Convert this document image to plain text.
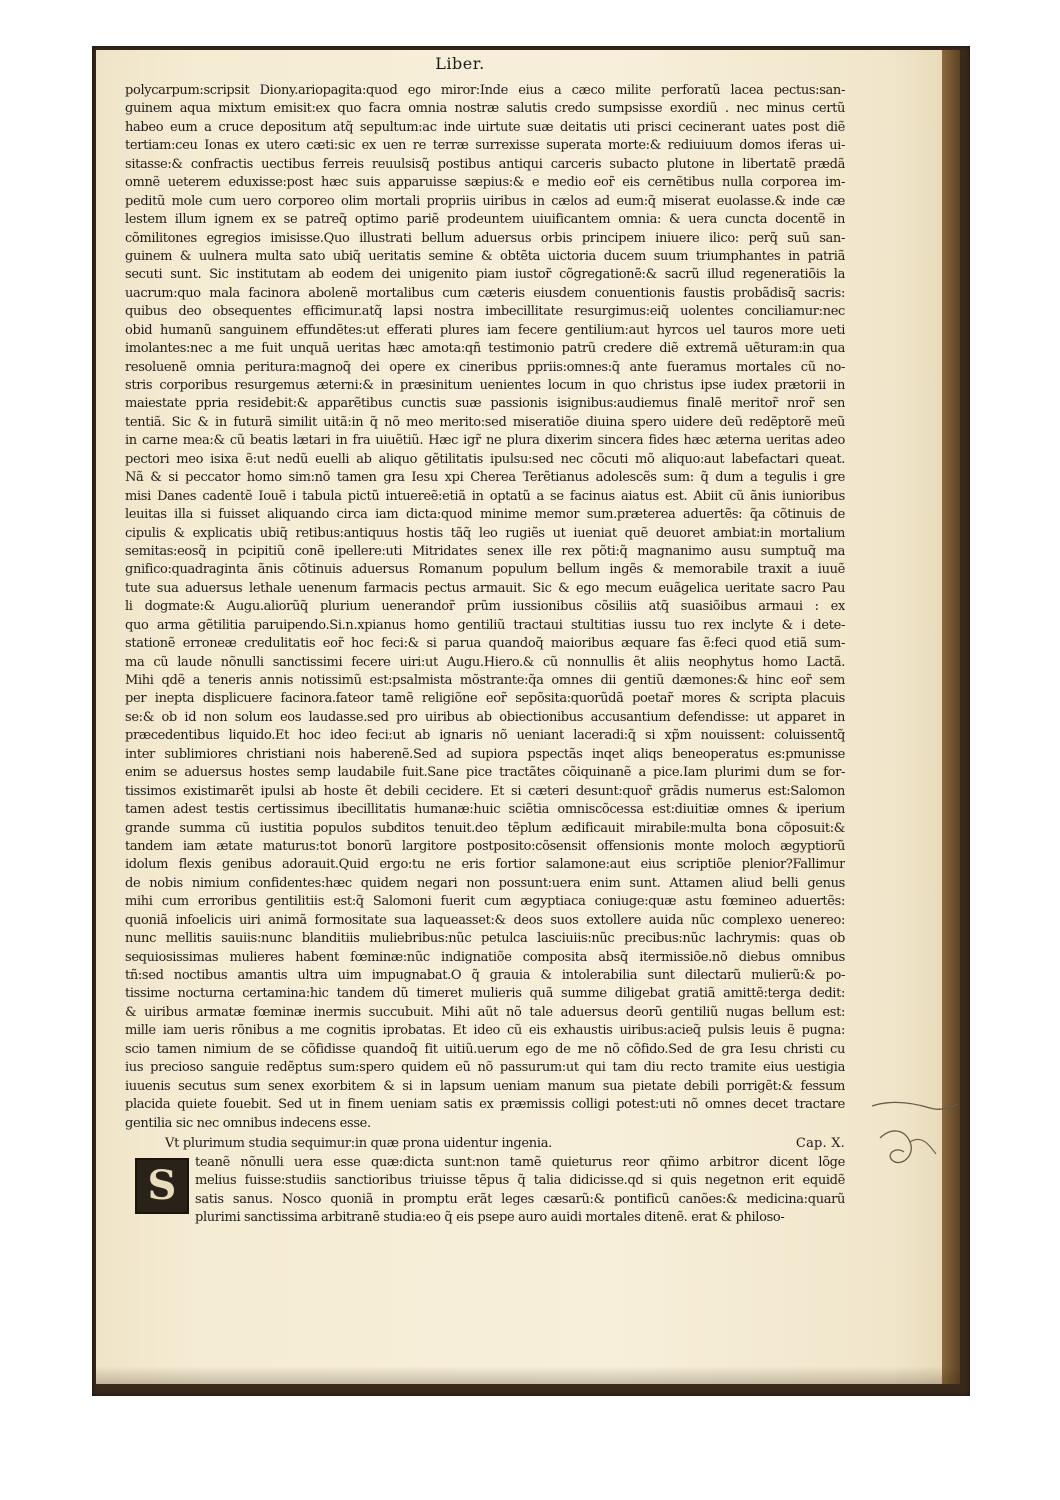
Liber.
polycarpum:scripsit Diony.ariopagita:quod ego miror:Inde eius a cæco milite perforatũ lacea pectus:san-
guinem aqua mixtum emisit:ex quo facra omnia nostræ salutis credo sumpsisse exordiũ . nec minus certũ
habeo eum a cruce depositum atq̃ sepultum:ac inde uirtute suæ deitatis uti prisci cecinerant uates post diẽ
tertiam:ceu Ionas ex utero cæti:sic ex uen re terræ surrexisse superata morte:& rediuiuum domos iferas ui-
sitasse:& confractis uectibus ferreis reuulsisq̃ postibus antiqui carceris subacto plutone in libertatẽ prædã
omnẽ ueterem eduxisse:post hæc suis apparuisse sæpius:& e medio eor̃ eis cernẽtibus nulla corporea im-
peditũ mole cum uero corporeo olim mortali propriis uiribus in cælos ad eum:q̃ miserat euolasse.& inde cæ
lestem illum ignem ex se patreq̃ optimo pariẽ prodeuntem uiuificantem omnia: & uera cuncta docentẽ in
cõmilitones egregios imisisse.Quo illustrati bellum aduersus orbis principem iniuere ilico: perq̃ suũ san-
guinem & uulnera multa sato ubiq̃ ueritatis semine & obtẽta uictoria ducem suum triumphantes in patriã
secuti sunt. Sic institutam ab eodem dei unigenito piam iustor̃ cõgregationẽ:& sacrũ illud regeneratiõis la
uacrum:quo mala facinora abolenẽ mortalibus cum cæteris eiusdem conuentionis faustis probãdisq̃ sacris:
quibus deo obsequentes efficimur.atq̃ lapsi nostra imbecillitate resurgimus:eiq̃ uolentes conciliamur:nec
obid humanũ sanguinem effundẽtes:ut efferati plures iam fecere gentilium:aut hyrcos uel tauros more ueti
imolantes:nec a me fuit unquã ueritas hæc amota:qñ testimonio patrũ credere diẽ extremã uẽturam:in qua
resoluenẽ omnia peritura:magnoq̃ dei opere ex cineribus ppriis:omnes:q̃ ante fueramus mortales cũ no-
stris corporibus resurgemus æterni:& in præsinitum uenientes locum in quo christus ipse iudex prætorii in
maiestate ppria residebit:& apparẽtibus cunctis suæ passionis isignibus:audiemus finalẽ meritor̃ nror̃ sen
tentiã. Sic & in futurã similit uitã:in q̃ nõ meo merito:sed miseratiõe diuina spero uidere deũ redẽptorẽ meũ
in carne mea:& cũ beatis lætari in fra uiuẽtiũ. Hæc igr̃ ne plura dixerim sincera fides hæc æterna ueritas adeo
pectori meo isixa ẽ:ut nedũ euelli ab aliquo gẽtilitatis ipulsu:sed nec cõcuti mõ aliquo:aut labefactari queat.
Nã & si peccator homo sim:nõ tamen gra Iesu xpi Cherea Terẽtianus adolescẽs sum: q̃ dum a tegulis i gre
misi Danes cadentẽ Iouẽ i tabula pictũ intuereẽ:etiã in optatũ a se facinus aiatus est. Abiit cũ ãnis iunioribus
leuitas illa si fuisset aliquando circa iam dicta:quod minime memor sum.præterea aduertẽs: q̃a cõtinuis de
cipulis & explicatis ubiq̃ retibus:antiquus hostis tãq̃ leo rugiẽs ut iueniat quẽ deuoret ambiat:in mortalium
semitas:eosq̃ in pcipitiũ conẽ ipellere:uti Mitridates senex ille rex põti:q̃ magnanimo ausu sumptuq̃ ma
gnifico:quadraginta ãnis cõtinuis aduersus Romanum populum bellum ingẽs & memorabile traxit a iuuẽ
tute sua aduersus lethale uenenum farmacis pectus armauit. Sic & ego mecum euãgelica ueritate sacro Pau
li dogmate:& Augu.aliorũq̃ plurium uenerandor̃ prũm iussionibus cõsiliis atq̃ suasiõibus armaui : ex
quo arma gẽtilitia paruipendo.Si.n.xpianus homo gentiliũ tractaui stultitias iussu tuo rex inclyte & i dete-
stationẽ erroneæ credulitatis eor̃ hoc feci:& si parua quandoq̃ maioribus æquare fas ẽ:feci quod etiã sum-
ma cũ laude nõnulli sanctissimi fecere uiri:ut Augu.Hiero.& cũ nonnullis ẽt aliis neophytus homo Lactã.
Mihi qdẽ a teneris annis notissimũ est:psalmista mõstrante:q̃a omnes dii gentiũ dæmones:& hinc eor̃ sem
per inepta displicuere facinora.fateor tamẽ religiõne eor̃ sepõsita:quorũdã poetar̃ mores & scripta placuis
se:& ob id non solum eos laudasse.sed pro uiribus ab obiectionibus accusantium defendisse: ut apparet in
præcedentibus liquido.Et hoc ideo feci:ut ab ignaris nõ ueniant laceradi:q̃ si xp̃m nouissent: coluissentq̃
inter sublimiores christiani nois haberenẽ.Sed ad supiora pspectãs inqet aliqs beneoperatus es:pmunisse
enim se aduersus hostes semp laudabile fuit.Sane pice tractãtes cõiquinanẽ a pice.Iam plurimi dum se for-
tissimos existimarẽt ipulsi ab hoste ẽt debili cecidere. Et si cæteri desunt:quor̃ grãdis numerus est:Salomon
tamen adest testis certissimus ibecillitatis humanæ:huic sciẽtia omniscõcessa est:diuitiæ omnes & iperium
grande summa cũ iustitia populos subditos tenuit.deo tẽplum ædificauit mirabile:multa bona cõposuit:&
tandem iam ætate maturus:tot bonorũ largitore postposito:cõsensit offensionis monte moloch ægyptiorũ
idolum flexis genibus adorauit.Quid ergo:tu ne eris fortior salamone:aut eius scriptiõe plenior?Fallimur
de nobis nimium confidentes:hæc quidem negari non possunt:uera enim sunt. Attamen aliud belli genus
mihi cum erroribus gentilitiis est:q̃ Salomoni fuerit cum ægyptiaca coniuge:quæ astu fœmineo aduertẽs:
quoniã infoelicis uiri animã formositate sua laqueasset:& deos suos extollere auida nũc complexo uenereo:
nunc mellitis sauiis:nunc blanditiis muliebribus:nũc petulca lasciuiis:nũc precibus:nũc lachrymis: quas ob
sequiosissimas mulieres habent fœminæ:nũc indignatiõe composita absq̃ itermissiõe.nõ diebus omnibus
tñ:sed noctibus amantis ultra uim impugnabat.O q̃ grauia & intolerabilia sunt dilectarũ mulierũ:& po-
tissime nocturna certamina:hic tandem dũ timeret mulieris quã summe diligebat gratiã amittẽ:terga dedit:
& uiribus armatæ fœminæ inermis succubuit. Mihi aũt nõ tale aduersus deorũ gentiliũ nugas bellum est:
mille iam ueris rõnibus a me cognitis iprobatas. Et ideo cũ eis exhaustis uiribus:acieq̃ pulsis leuis ẽ pugna:
scio tamen nimium de se cõfidisse quandoq̃ fit uitiũ.uerum ego de me nõ cõfido.Sed de gra Iesu christi cu
ius precioso sanguie redẽptus sum:spero quidem eũ nõ passurum:ut qui tam diu recto tramite eius uestigia
iuuenis secutus sum senex exorbitem & si in lapsum ueniam manum sua pietate debili porrigẽt:& fessum
placida quiete fouebit. Sed ut in finem ueniam satis ex præmissis colligi potest:uti nõ omnes decet tractare
gentilia sic nec omnibus indecens esse.
Vt plurimum studia sequimur:in quæ prona uidentur ingenia.	Cap. X.
S teanẽ nõnulli uera esse quæ:dicta sunt:non tamẽ quieturus reor qñimo arbitror dicent lõge
melius fuisse:studiis sanctioribus triuisse tẽpus q̃ talia didicisse.qd si quis negetnon erit equidẽ
satis sanus. Nosco quoniã in promptu erãt leges cæsarũ:& pontificũ canões:& medicina:quarũ
plurimi sanctissima arbitranẽ studia:eo q̃ eis psepe auro auidi mortales ditenẽ. erat & philoso-
